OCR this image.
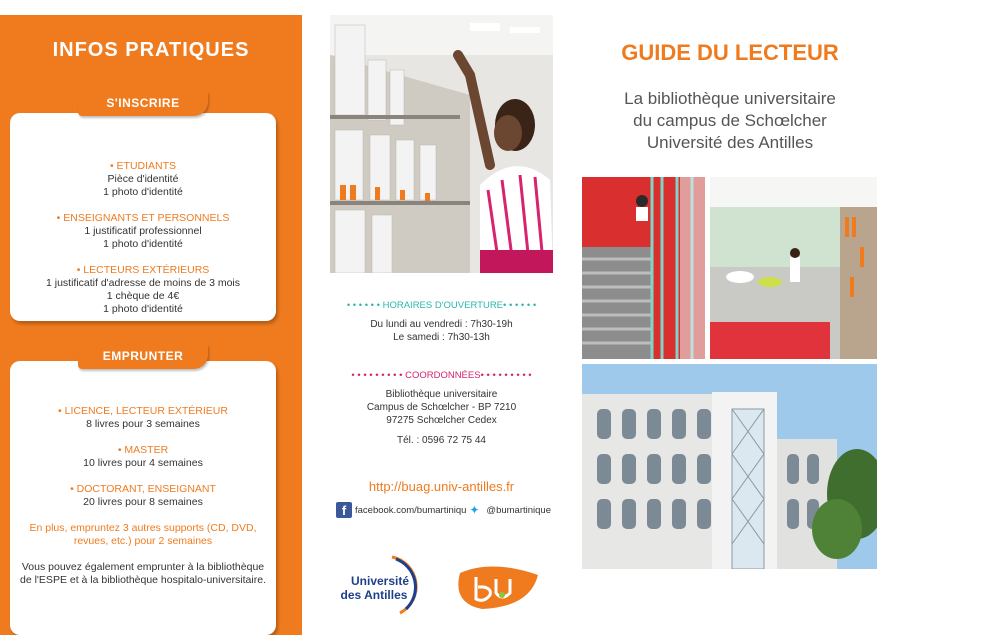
INFOS PRATIQUES
• ETUDIANTS
Pièce d'identité
1 photo d'identité
• ENSEIGNANTS ET PERSONNELS
1 justificatif professionnel
1 photo d'identité
• LECTEURS EXTÉRIEURS
1 justificatif d'adresse de moins de 3 mois
1 chèque de 4€
1 photo d'identité
S'INSCRIRE
• LICENCE, LECTEUR EXTÉRIEUR
8 livres pour 3 semaines
• MASTER
10 livres pour 4 semaines
• DOCTORANT, ENSEIGNANT
20 livres pour 8 semaines
En plus, empruntez 3 autres supports (CD, DVD, revues, etc.) pour 2 semaines
Vous pouvez également emprunter à la bibliothèque de l'ESPE et à la bibliothèque hospitalo-universitaire.
EMPRUNTER
• • • • • • HORAIRES D'OUVERTURE• • • • • •
Du lundi au vendredi : 7h30-19h
Le samedi : 7h30-13h
• • • • • • • • • COORDONNÉES• • • • • • • • •
Bibliothèque universitaire
Campus de Schœlcher - BP 7210
97275 Schœlcher Cedex
Tél. : 0596 72 75 44
http://buag.univ-antilles.fr
f facebook.com/bumartiniqu ✦ @bumartinique
Université
des Antilles
GUIDE DU LECTEUR
La bibliothèque universitaire
du campus de Schœlcher
Université des Antilles
